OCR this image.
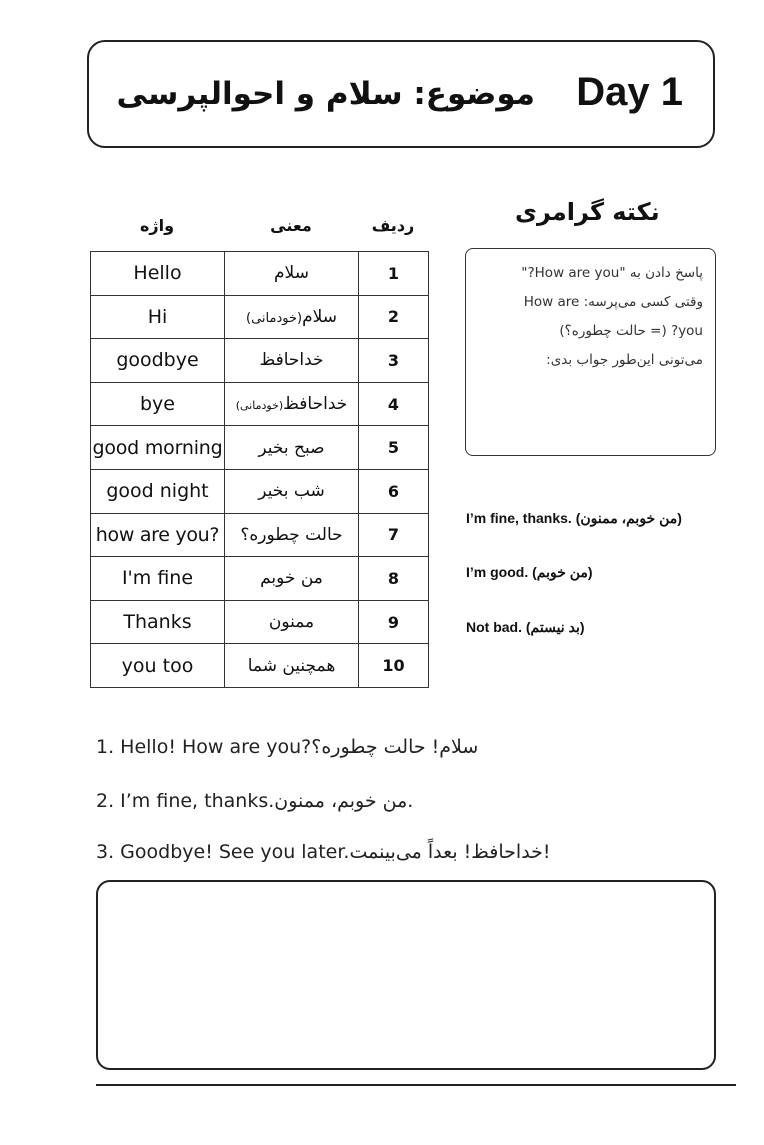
Day 1
موضوع: سلام و احوالپرسی
واژه	معنی	ردیف
Hello	سلام	1
Hi	سلام(خودمانی)	2
goodbye	خداحافظ	3
bye	خداحافظ(خودمانی)	4
good morning	صبح بخیر	5
good night	شب بخیر	6
how are you?	حالت چطوره؟	7
I'm fine	من خوبم	8
Thanks	ممنون	9
you too	همچنین شما	10
نکته گرامری
پاسخ دادن به "How are you?"
وقتی کسی می‌پرسه: How are
you? (= حالت چطوره؟)
می‌تونی این‌طور جواب بدی:
I’m fine, thanks. (من خوبم، ممنون)
I’m good. (من خوبم)
Not bad. (بد نیستم)
1. Hello! How are you?سلام! حالت چطوره؟
2. I’m fine, thanks.من خوبم، ممنون.
3. Goodbye! See you later.خداحافظ! بعداً می‌بینمت!
